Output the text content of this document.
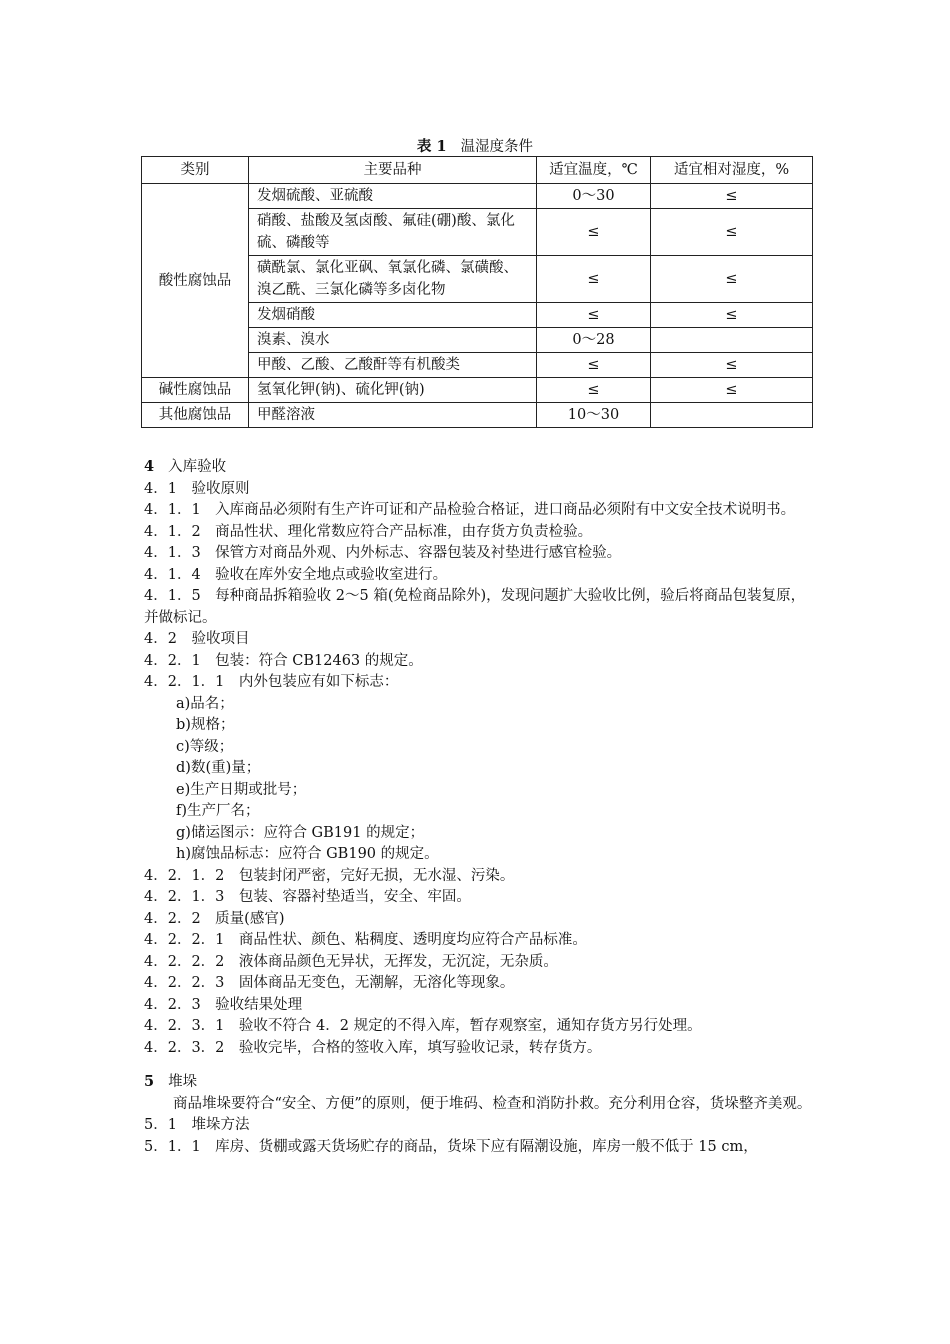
表 1 温湿度条件
类别	主要品种	适宜温度，℃	适宜相对湿度，%
酸性腐蚀品	发烟硫酸、亚硫酸	0～30	≤
	硝酸、盐酸及氢卤酸、氟硅(硼)酸、氯化硫、磷酸等	≤	≤
	磺酰氯、氯化亚砜、氧氯化磷、氯磺酸、溴乙酰、三氯化磷等多卤化物	≤	≤
	发烟硝酸	≤	≤
	溴素、溴水	0～28	
	甲酸、乙酸、乙酸酐等有机酸类	≤	≤
碱性腐蚀品	氢氧化钾(钠)、硫化钾(钠)	≤	≤
其他腐蚀品	甲醛溶液	10～30	
4 入库验收
4．1　验收原则
4．1．1　入库商品必须附有生产许可证和产品检验合格证，进口商品必须附有中文安全技术说明书。
4．1．2　商品性状、理化常数应符合产品标准，由存货方负责检验。
4．1．3　保管方对商品外观、内外标志、容器包装及衬垫进行感官检验。
4．1．4　验收在库外安全地点或验收室进行。
4．1．5　每种商品拆箱验收 2～5 箱(免检商品除外)，发现问题扩大验收比例，验后将商品包装复原，并做标记。
4．2　验收项目
4．2．1　包装：符合 CB12463 的规定。
4．2．1．1　内外包装应有如下标志：
a)品名；
b)规格；
c)等级；
d)数(重)量；
e)生产日期或批号；
f)生产厂名；
g)储运图示：应符合 GB191 的规定；
h)腐蚀品标志：应符合 GB190 的规定。
4．2．1．2　包装封闭严密，完好无损，无水湿、污染。
4．2．1．3　包装、容器衬垫适当，安全、牢固。
4．2．2　质量(感官)
4．2．2．1　商品性状、颜色、粘稠度、透明度均应符合产品标准。
4．2．2．2　液体商品颜色无异状，无挥发，无沉淀，无杂质。
4．2．2．3　固体商品无变色，无潮解，无溶化等现象。
4．2．3　验收结果处理
4．2．3．1　验收不符合 4．2 规定的不得入库，暂存观察室，通知存货方另行处理。
4．2．3．2　验收完毕，合格的签收入库，填写验收记录，转存货方。
5 堆垛
商品堆垛要符合“安全、方便”的原则，便于堆码、检查和消防扑救。充分利用仓容，货垛整齐美观。
5．1　堆垛方法
5．1．1　库房、货棚或露天货场贮存的商品，货垛下应有隔潮设施，库房一般不低于 15 cm，
